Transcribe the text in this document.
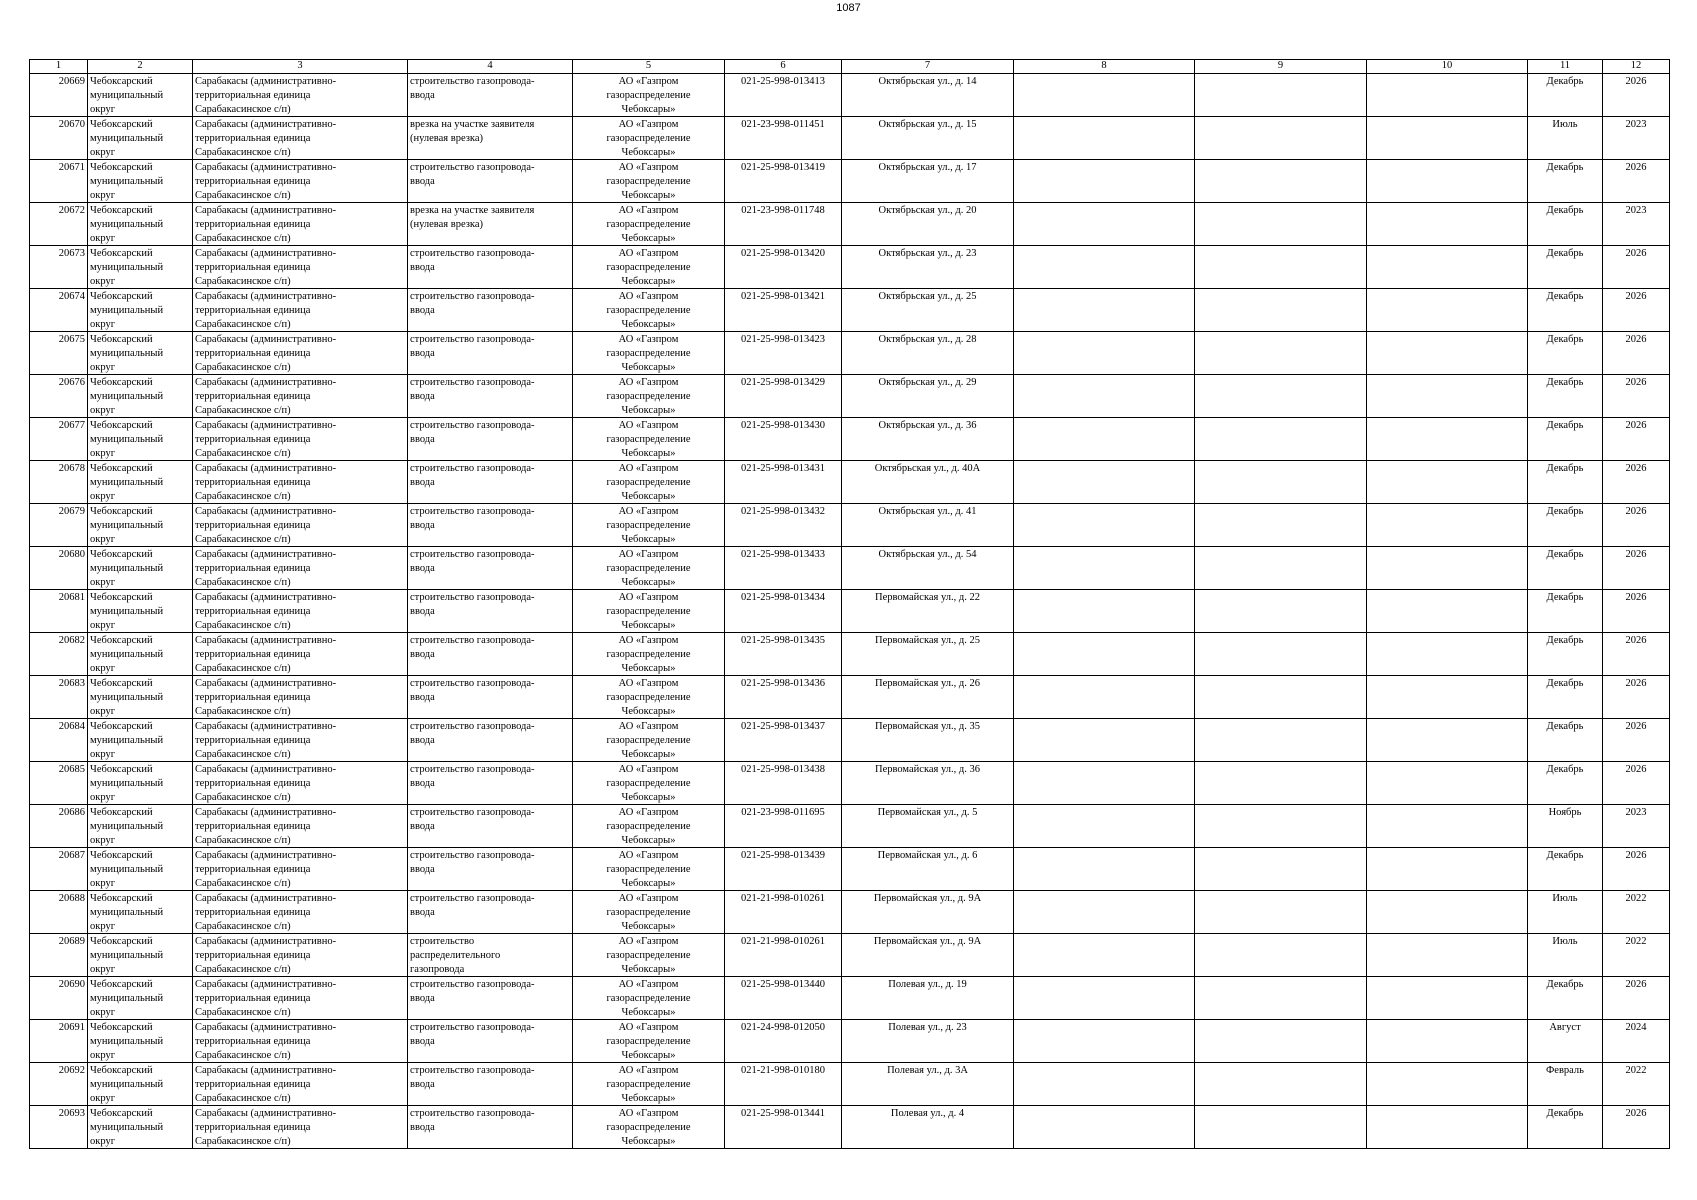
1087
1	2	3	4	5	6	7	8	9	10	11	12

20669	Чебоксарский
муниципальный
округ	Сарабакасы (административно-
территориальная единица
Сарабакасинское с/п)	строительство газопровода-
ввода	АО «Газпром
газораспределение
Чебоксары»	021-25-998-013413	Октябрьская ул., д. 14				Декабрь	2026

20670	Чебоксарский
муниципальный
округ	Сарабакасы (административно-
территориальная единица
Сарабакасинское с/п)	врезка на участке заявителя
(нулевая врезка)	АО «Газпром
газораспределение
Чебоксары»	021-23-998-011451	Октябрьская ул., д. 15				Июль	2023

20671	Чебоксарский
муниципальный
округ	Сарабакасы (административно-
территориальная единица
Сарабакасинское с/п)	строительство газопровода-
ввода	АО «Газпром
газораспределение
Чебоксары»	021-25-998-013419	Октябрьская ул., д. 17				Декабрь	2026

20672	Чебоксарский
муниципальный
округ	Сарабакасы (административно-
территориальная единица
Сарабакасинское с/п)	врезка на участке заявителя
(нулевая врезка)	АО «Газпром
газораспределение
Чебоксары»	021-23-998-011748	Октябрьская ул., д. 20				Декабрь	2023

20673	Чебоксарский
муниципальный
округ	Сарабакасы (административно-
территориальная единица
Сарабакасинское с/п)	строительство газопровода-
ввода	АО «Газпром
газораспределение
Чебоксары»	021-25-998-013420	Октябрьская ул., д. 23				Декабрь	2026

20674	Чебоксарский
муниципальный
округ	Сарабакасы (административно-
территориальная единица
Сарабакасинское с/п)	строительство газопровода-
ввода	АО «Газпром
газораспределение
Чебоксары»	021-25-998-013421	Октябрьская ул., д. 25				Декабрь	2026

20675	Чебоксарский
муниципальный
округ	Сарабакасы (административно-
территориальная единица
Сарабакасинское с/п)	строительство газопровода-
ввода	АО «Газпром
газораспределение
Чебоксары»	021-25-998-013423	Октябрьская ул., д. 28				Декабрь	2026

20676	Чебоксарский
муниципальный
округ	Сарабакасы (административно-
территориальная единица
Сарабакасинское с/п)	строительство газопровода-
ввода	АО «Газпром
газораспределение
Чебоксары»	021-25-998-013429	Октябрьская ул., д. 29				Декабрь	2026

20677	Чебоксарский
муниципальный
округ	Сарабакасы (административно-
территориальная единица
Сарабакасинское с/п)	строительство газопровода-
ввода	АО «Газпром
газораспределение
Чебоксары»	021-25-998-013430	Октябрьская ул., д. 36				Декабрь	2026

20678	Чебоксарский
муниципальный
округ	Сарабакасы (административно-
территориальная единица
Сарабакасинское с/п)	строительство газопровода-
ввода	АО «Газпром
газораспределение
Чебоксары»	021-25-998-013431	Октябрьская ул., д. 40А				Декабрь	2026

20679	Чебоксарский
муниципальный
округ	Сарабакасы (административно-
территориальная единица
Сарабакасинское с/п)	строительство газопровода-
ввода	АО «Газпром
газораспределение
Чебоксары»	021-25-998-013432	Октябрьская ул., д. 41				Декабрь	2026

20680	Чебоксарский
муниципальный
округ	Сарабакасы (административно-
территориальная единица
Сарабакасинское с/п)	строительство газопровода-
ввода	АО «Газпром
газораспределение
Чебоксары»	021-25-998-013433	Октябрьская ул., д. 54				Декабрь	2026

20681	Чебоксарский
муниципальный
округ	Сарабакасы (административно-
территориальная единица
Сарабакасинское с/п)	строительство газопровода-
ввода	АО «Газпром
газораспределение
Чебоксары»	021-25-998-013434	Первомайская ул., д. 22				Декабрь	2026

20682	Чебоксарский
муниципальный
округ	Сарабакасы (административно-
территориальная единица
Сарабакасинское с/п)	строительство газопровода-
ввода	АО «Газпром
газораспределение
Чебоксары»	021-25-998-013435	Первомайская ул., д. 25				Декабрь	2026

20683	Чебоксарский
муниципальный
округ	Сарабакасы (административно-
территориальная единица
Сарабакасинское с/п)	строительство газопровода-
ввода	АО «Газпром
газораспределение
Чебоксары»	021-25-998-013436	Первомайская ул., д. 26				Декабрь	2026

20684	Чебоксарский
муниципальный
округ	Сарабакасы (административно-
территориальная единица
Сарабакасинское с/п)	строительство газопровода-
ввода	АО «Газпром
газораспределение
Чебоксары»	021-25-998-013437	Первомайская ул., д. 35				Декабрь	2026

20685	Чебоксарский
муниципальный
округ	Сарабакасы (административно-
территориальная единица
Сарабакасинское с/п)	строительство газопровода-
ввода	АО «Газпром
газораспределение
Чебоксары»	021-25-998-013438	Первомайская ул., д. 36				Декабрь	2026

20686	Чебоксарский
муниципальный
округ	Сарабакасы (административно-
территориальная единица
Сарабакасинское с/п)	строительство газопровода-
ввода	АО «Газпром
газораспределение
Чебоксары»	021-23-998-011695	Первомайская ул., д. 5				Ноябрь	2023

20687	Чебоксарский
муниципальный
округ	Сарабакасы (административно-
территориальная единица
Сарабакасинское с/п)	строительство газопровода-
ввода	АО «Газпром
газораспределение
Чебоксары»	021-25-998-013439	Первомайская ул., д. 6				Декабрь	2026

20688	Чебоксарский
муниципальный
округ	Сарабакасы (административно-
территориальная единица
Сарабакасинское с/п)	строительство газопровода-
ввода	АО «Газпром
газораспределение
Чебоксары»	021-21-998-010261	Первомайская ул., д. 9А				Июль	2022

20689	Чебоксарский
муниципальный
округ	Сарабакасы (административно-
территориальная единица
Сарабакасинское с/п)	строительство
распределительного
газопровода	АО «Газпром
газораспределение
Чебоксары»	021-21-998-010261	Первомайская ул., д. 9А				Июль	2022

20690	Чебоксарский
муниципальный
округ	Сарабакасы (административно-
территориальная единица
Сарабакасинское с/п)	строительство газопровода-
ввода	АО «Газпром
газораспределение
Чебоксары»	021-25-998-013440	Полевая ул., д. 19				Декабрь	2026

20691	Чебоксарский
муниципальный
округ	Сарабакасы (административно-
территориальная единица
Сарабакасинское с/п)	строительство газопровода-
ввода	АО «Газпром
газораспределение
Чебоксары»	021-24-998-012050	Полевая ул., д. 23				Август	2024

20692	Чебоксарский
муниципальный
округ	Сарабакасы (административно-
территориальная единица
Сарабакасинское с/п)	строительство газопровода-
ввода	АО «Газпром
газораспределение
Чебоксары»	021-21-998-010180	Полевая ул., д. 3А				Февраль	2022

20693	Чебоксарский
муниципальный
округ	Сарабакасы (административно-
территориальная единица
Сарабакасинское с/п)	строительство газопровода-
ввода	АО «Газпром
газораспределение
Чебоксары»	021-25-998-013441	Полевая ул., д. 4				Декабрь	2026
